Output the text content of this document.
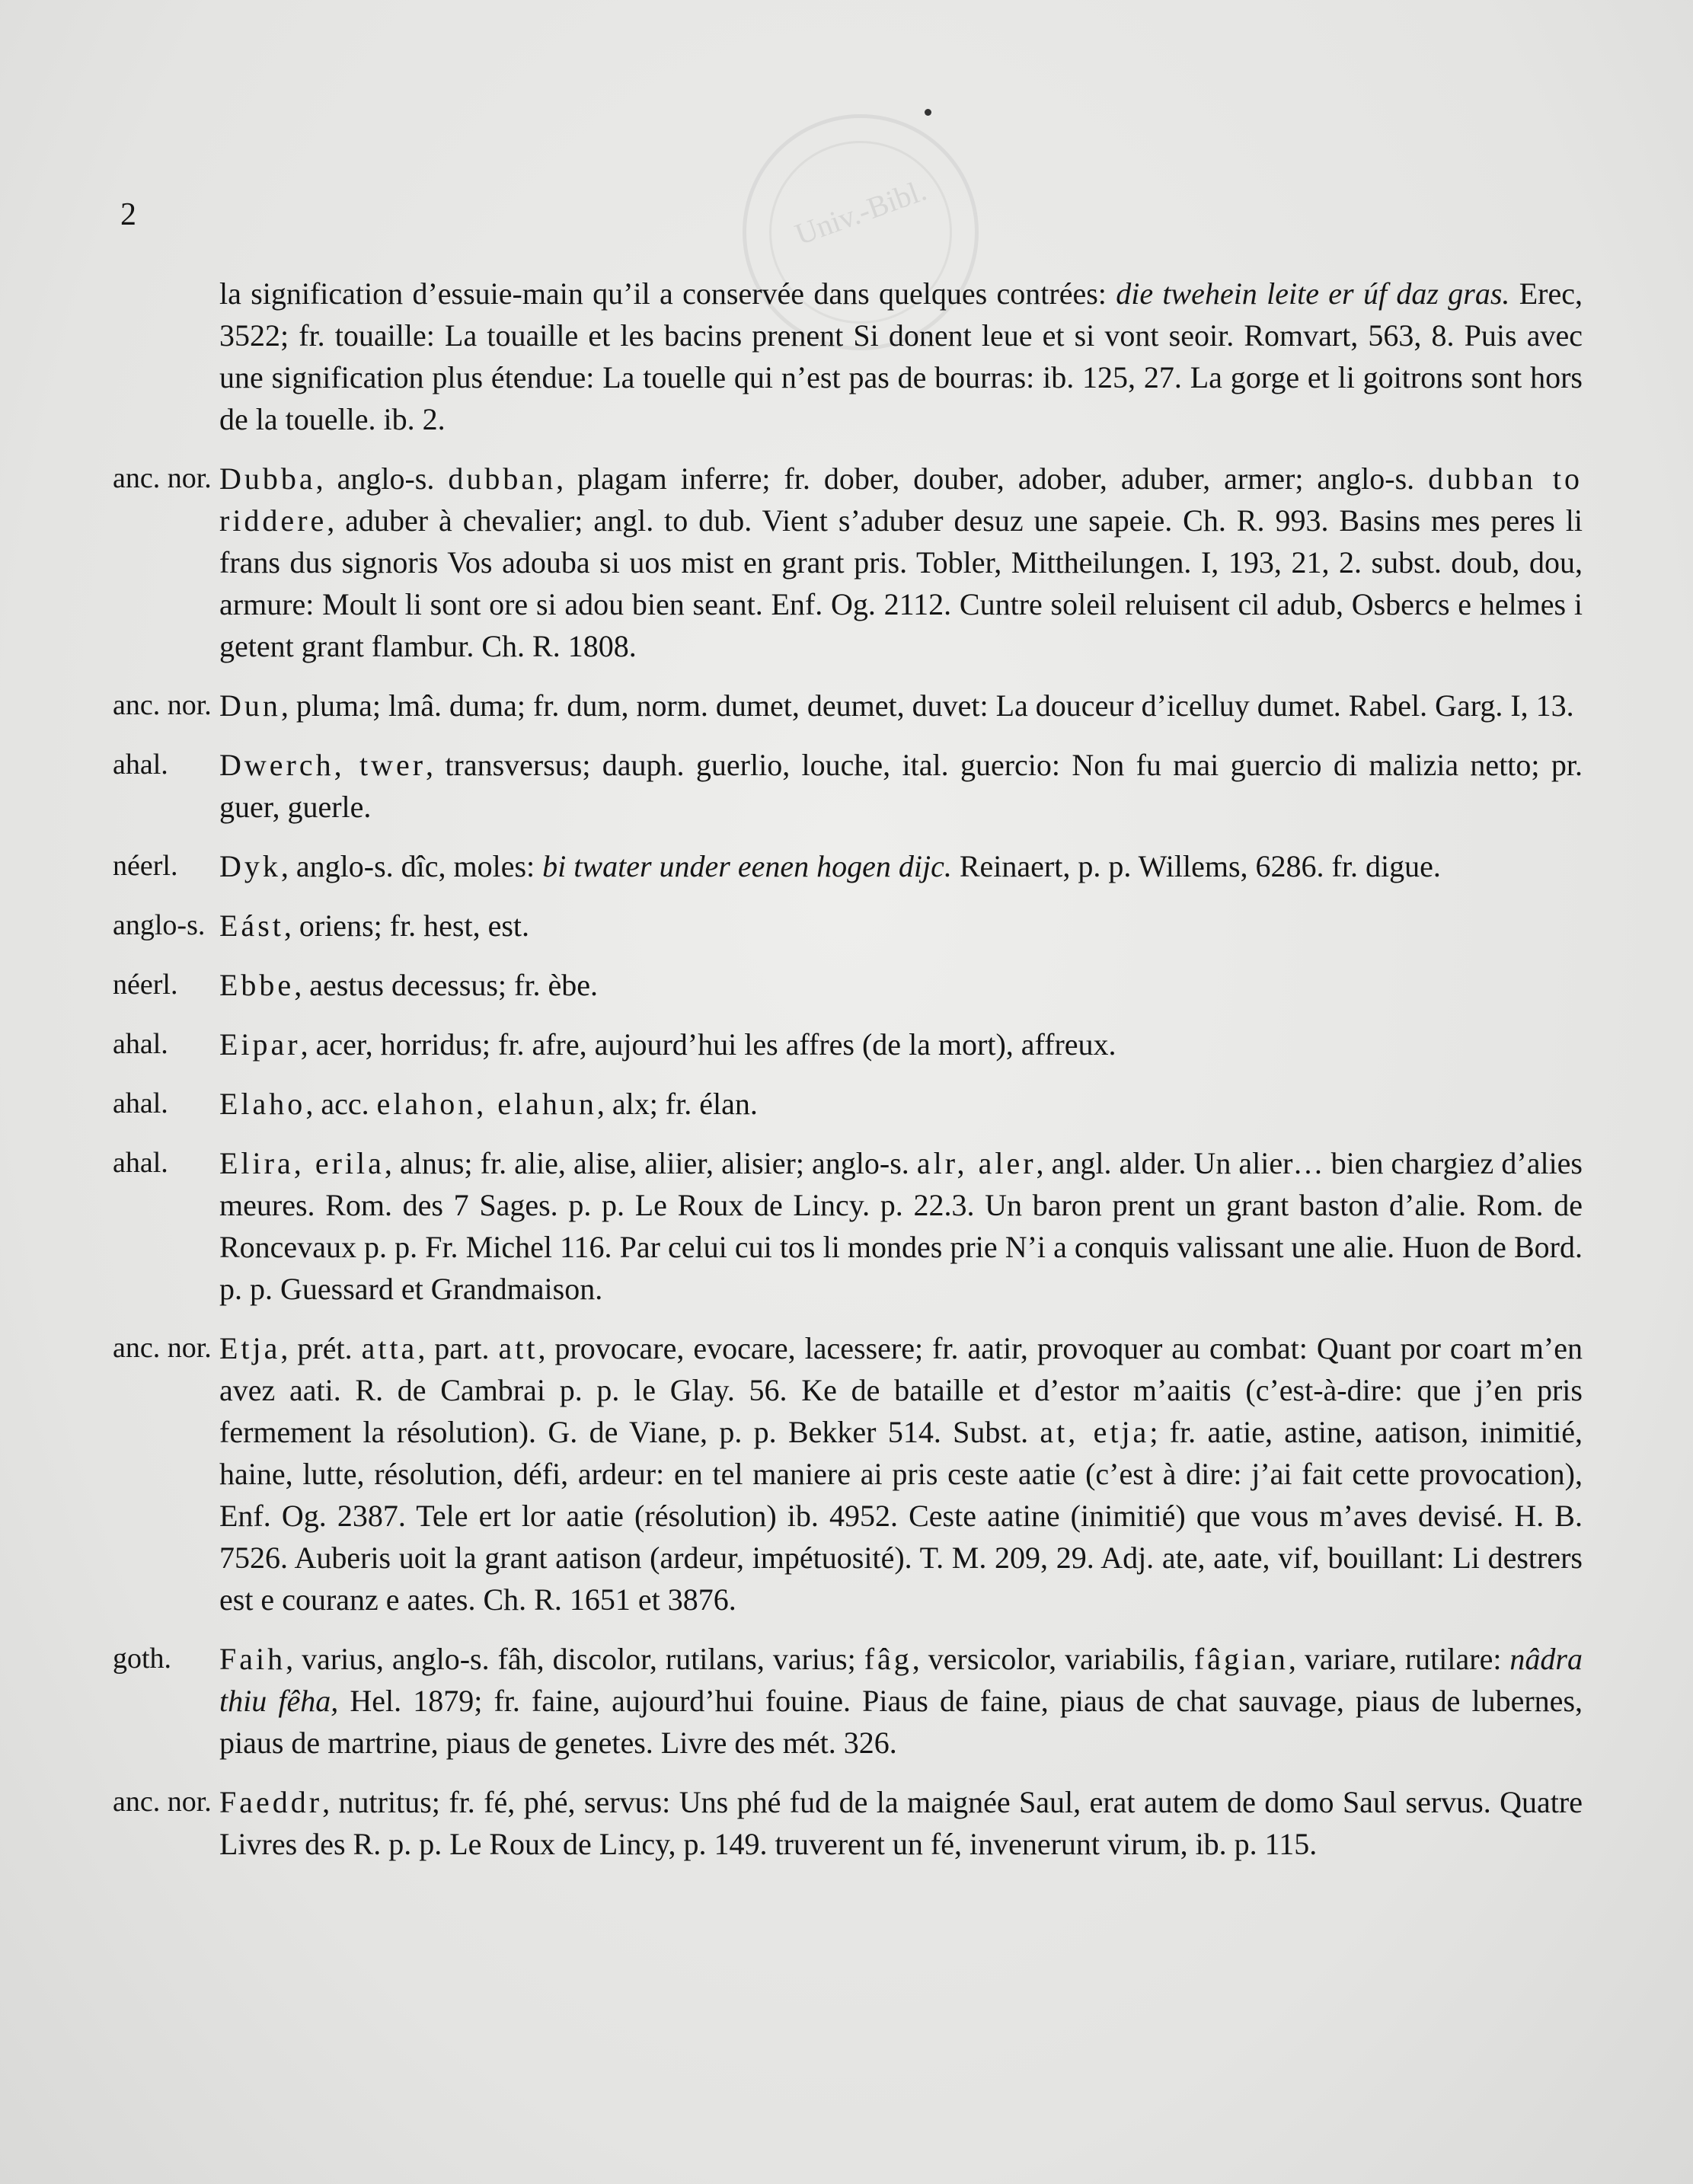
Univ.-Bibl.
2
la signification d’essuie-main qu’il a conservée dans quelques contrées: die twehein leite er úf daz gras. Erec, 3522; fr. touaille: La touaille et les bacins prenent Si donent leue et si vont seoir. Romvart, 563, 8. Puis avec une signification plus étendue: La touelle qui n’est pas de bourras: ib. 125, 27. La gorge et li goitrons sont hors de la touelle. ib. 2.
anc. nor. Dubba, anglo-s. dubban, plagam inferre; fr. dober, douber, adober, aduber, armer; anglo-s. dubban to riddere, aduber à chevalier; angl. to dub. Vient s’aduber desuz une sapeie. Ch. R. 993. Basins mes peres li frans dus signoris Vos adouba si uos mist en grant pris. Tobler, Mittheilungen. I, 193, 21, 2. subst. doub, dou, armure: Moult li sont ore si adou bien seant. Enf. Og. 2112. Cuntre soleil reluisent cil adub, Osbercs e helmes i getent grant flambur. Ch. R. 1808.
anc. nor. Dun, pluma; lmâ. duma; fr. dum, norm. dumet, deumet, duvet: La douceur d’icelluy dumet. Rabel. Garg. I, 13.
ahal.	Dwerch, twer, transversus; dauph. guerlio, louche, ital. guercio: Non fu mai guercio di malizia netto; pr. guer, guerle.
néerl.	Dyk, anglo-s. dîc, moles: bi twater under eenen hogen dijc. Reinaert, p. p. Willems, 6286. fr. digue.
anglo-s. Eást, oriens; fr. hest, est.
néerl.	Ebbe, aestus decessus; fr. èbe.
ahal.	Eipar, acer, horridus; fr. afre, aujourd’hui les affres (de la mort), affreux.
ahal.	Elaho, acc. elahon, elahun, alx; fr. élan.
ahal.	Elira, erila, alnus; fr. alie, alise, aliier, alisier; anglo-s. alr, aler, angl. alder. Un alier… bien chargiez d’alies meures. Rom. des 7 Sages. p. p. Le Roux de Lincy. p. 22.3. Un baron prent un grant baston d’alie. Rom. de Roncevaux p. p. Fr. Michel 116. Par celui cui tos li mondes prie N’i a conquis valissant une alie. Huon de Bord. p. p. Guessard et Grandmaison.
anc. nor. Etja, prét. atta, part. att, provocare, evocare, lacessere; fr. aatir, provoquer au combat: Quant por coart m’en avez aati. R. de Cambrai p. p. le Glay. 56. Ke de bataille et d’estor m’aaitis (c’est-à-dire: que j’en pris fermement la résolution). G. de Viane, p. p. Bekker 514. Subst. at, etja; fr. aatie, astine, aatison, inimitié, haine, lutte, résolution, défi, ardeur: en tel maniere ai pris ceste aatie (c’est à dire: j’ai fait cette provocation), Enf. Og. 2387. Tele ert lor aatie (résolution) ib. 4952. Ceste aatine (inimitié) que vous m’aves devisé. H. B. 7526. Auberis uoit la grant aatison (ardeur, impétuosité). T. M. 209, 29. Adj. ate, aate, vif, bouillant: Li destrers est e couranz e aates. Ch. R. 1651 et 3876.
goth.	Faih, varius, anglo-s. fâh, discolor, rutilans, varius; fâg, versicolor, variabilis, fâgian, variare, rutilare: nâdra thiu fêha, Hel. 1879; fr. faine, aujourd’hui fouine. Piaus de faine, piaus de chat sauvage, piaus de lubernes, piaus de martrine, piaus de genetes. Livre des mét. 326.
anc. nor. Faeddr, nutritus; fr. fé, phé, servus: Uns phé fud de la maignée Saul, erat autem de domo Saul servus. Quatre Livres des R. p. p. Le Roux de Lincy, p. 149. truverent un fé, invenerunt virum, ib. p. 115.
